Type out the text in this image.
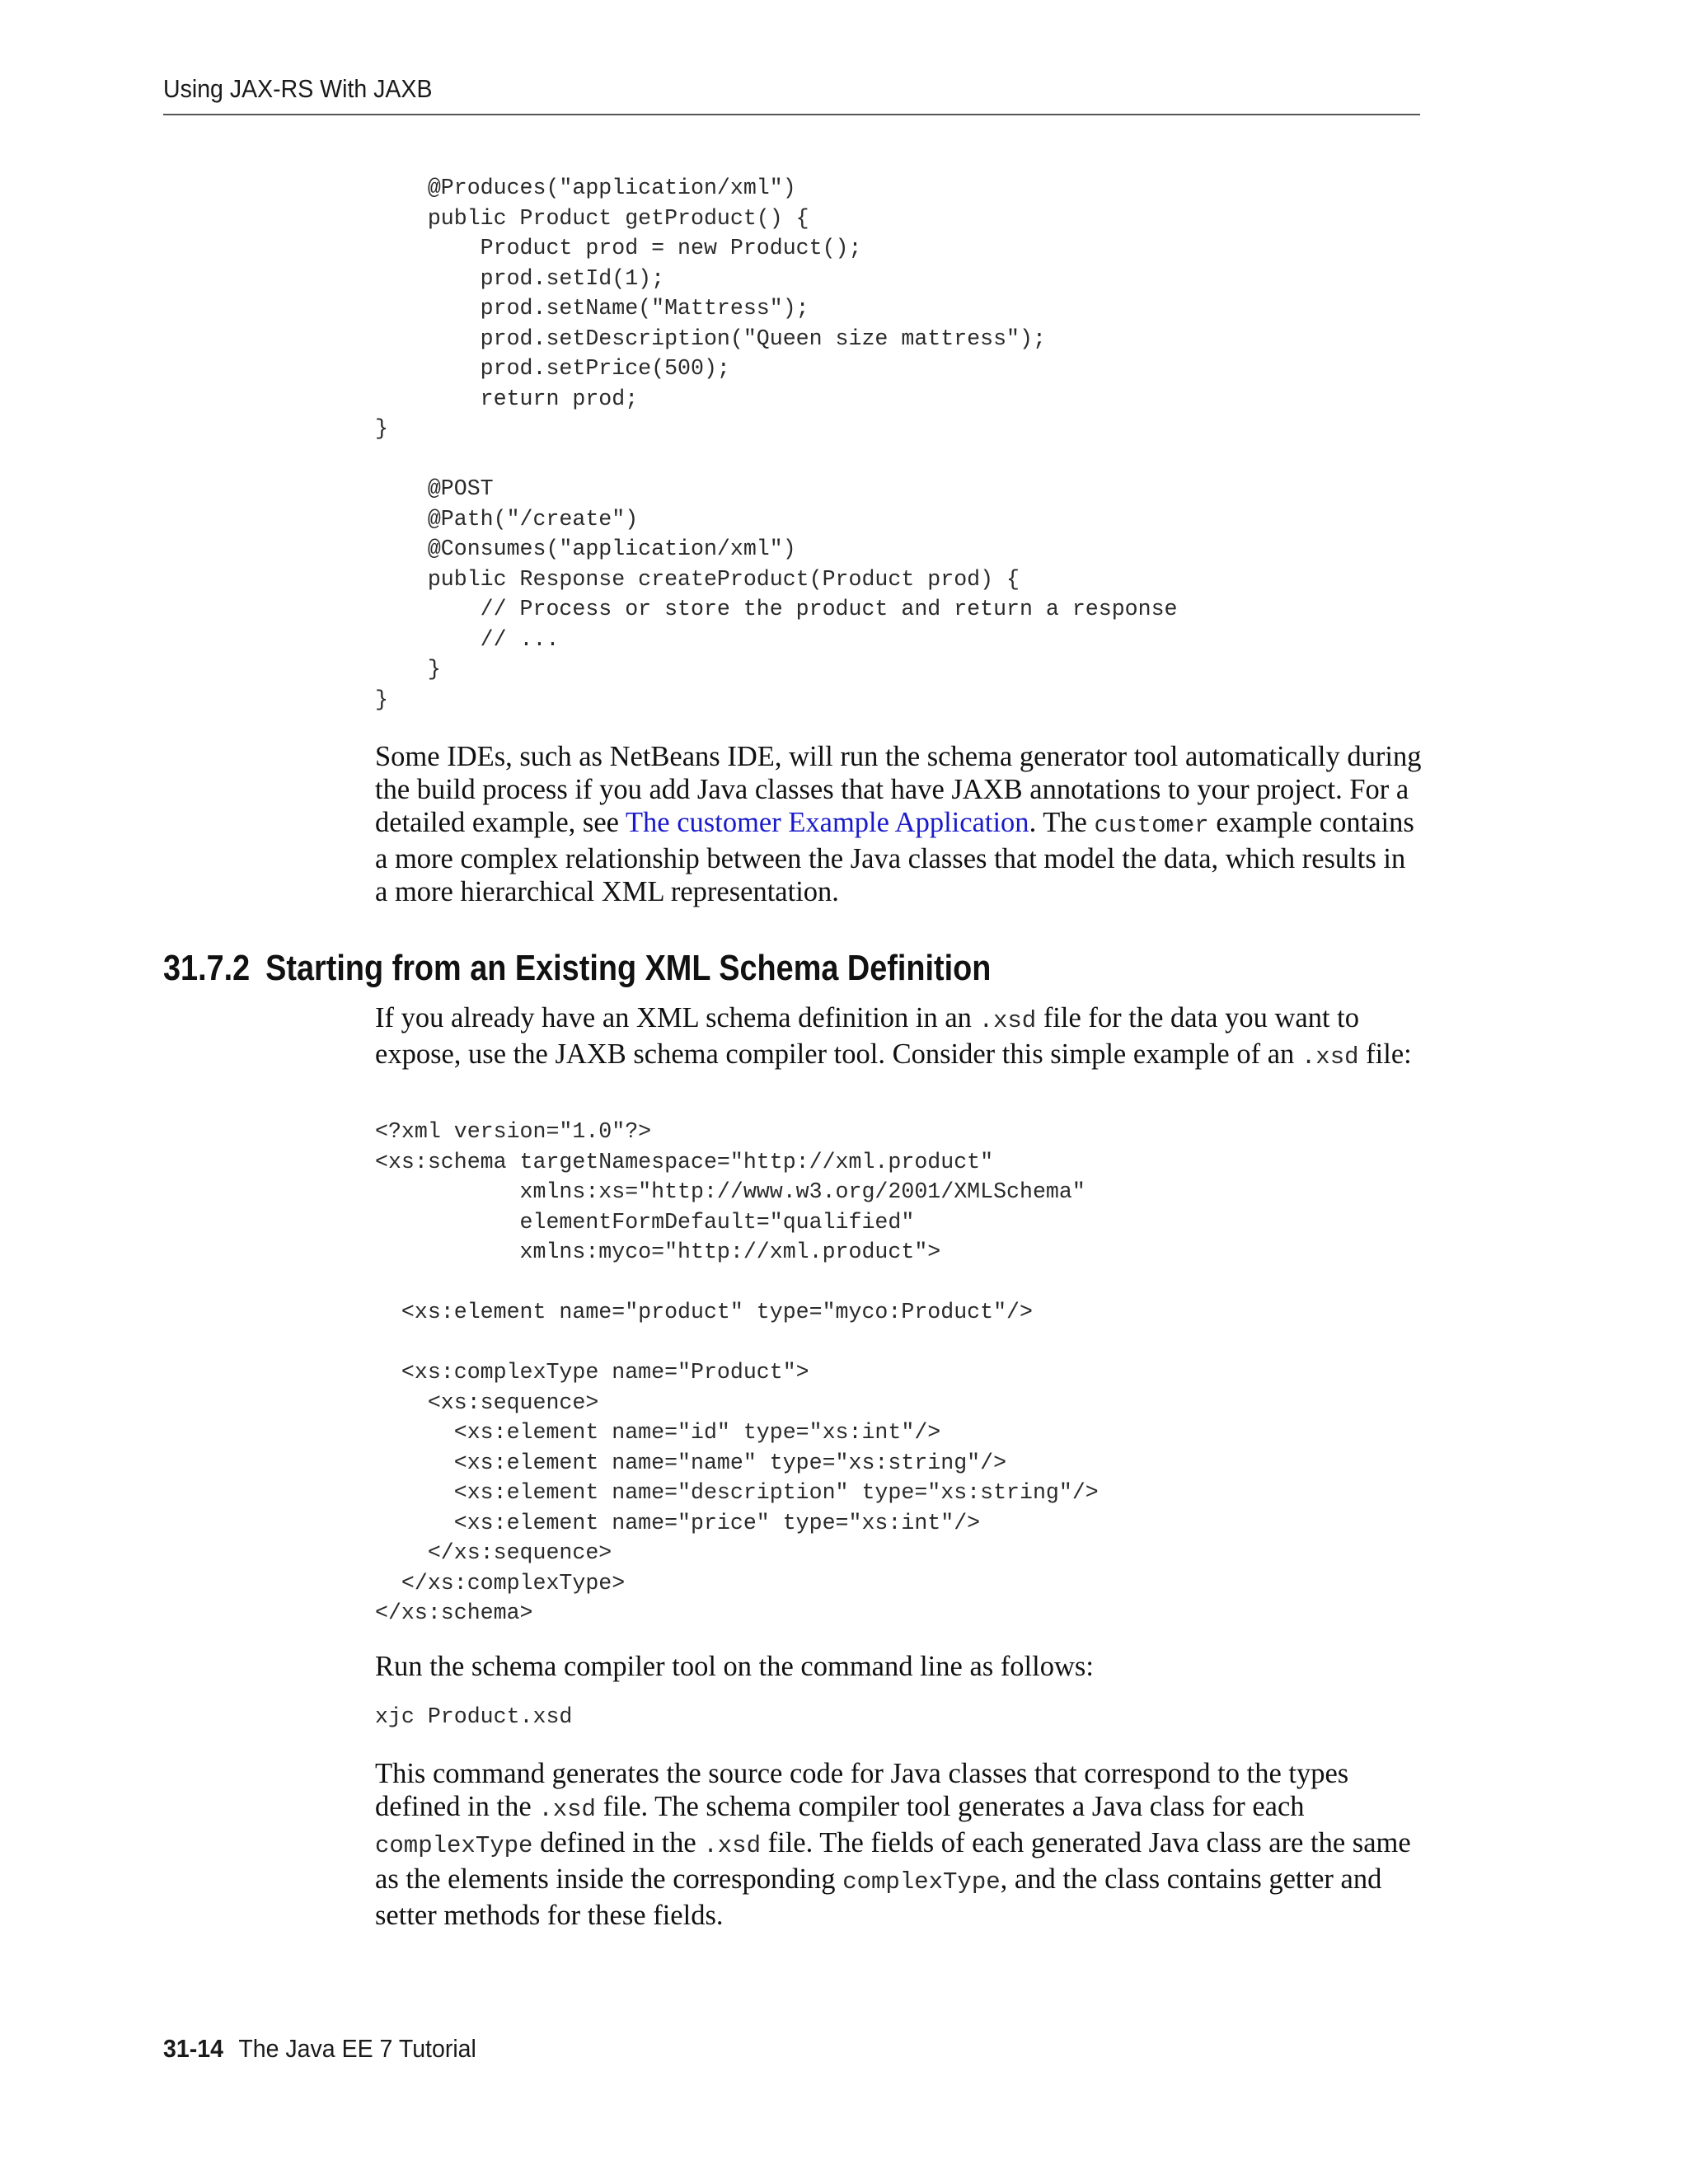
Using JAX-RS With JAXB
@Produces("application/xml")
public Product getProduct() {
Product prod = new Product();
prod.setId(1);
prod.setName("Mattress");
prod.setDescription("Queen size mattress");
prod.setPrice(500);
return prod;
}

@POST
@Path("/create")
@Consumes("application/xml")
public Response createProduct(Product prod) {
// Process or store the product and return a response
// ...
}
}

Some IDEs, such as NetBeans IDE, will run the schema generator tool automatically during the build process if you add Java classes that have JAXB annotations to your project. For a detailed example, see The customer Example Application. The customer example contains a more complex relationship between the Java classes that model the data, which results in a more hierarchical XML representation.

31.7.2 Starting from an Existing XML Schema Definition

If you already have an XML schema definition in an .xsd file for the data you want to expose, use the JAXB schema compiler tool. Consider this simple example of an .xsd file:

<?xml version="1.0"?>
<xs:schema targetNamespace="http://xml.product"
xmlns:xs="http://www.w3.org/2001/XMLSchema"
elementFormDefault="qualified"
xmlns:myco="http://xml.product">

<xs:element name="product" type="myco:Product"/>

<xs:complexType name="Product">
<xs:sequence>
<xs:element name="id" type="xs:int"/>
<xs:element name="name" type="xs:string"/>
<xs:element name="description" type="xs:string"/>
<xs:element name="price" type="xs:int"/>
</xs:sequence>
</xs:complexType>
</xs:schema>

Run the schema compiler tool on the command line as follows:

xjc Product.xsd

This command generates the source code for Java classes that correspond to the types defined in the .xsd file. The schema compiler tool generates a Java class for each complexType defined in the .xsd file. The fields of each generated Java class are the same as the elements inside the corresponding complexType, and the class contains getter and setter methods for these fields.

31-14 The Java EE 7 Tutorial
